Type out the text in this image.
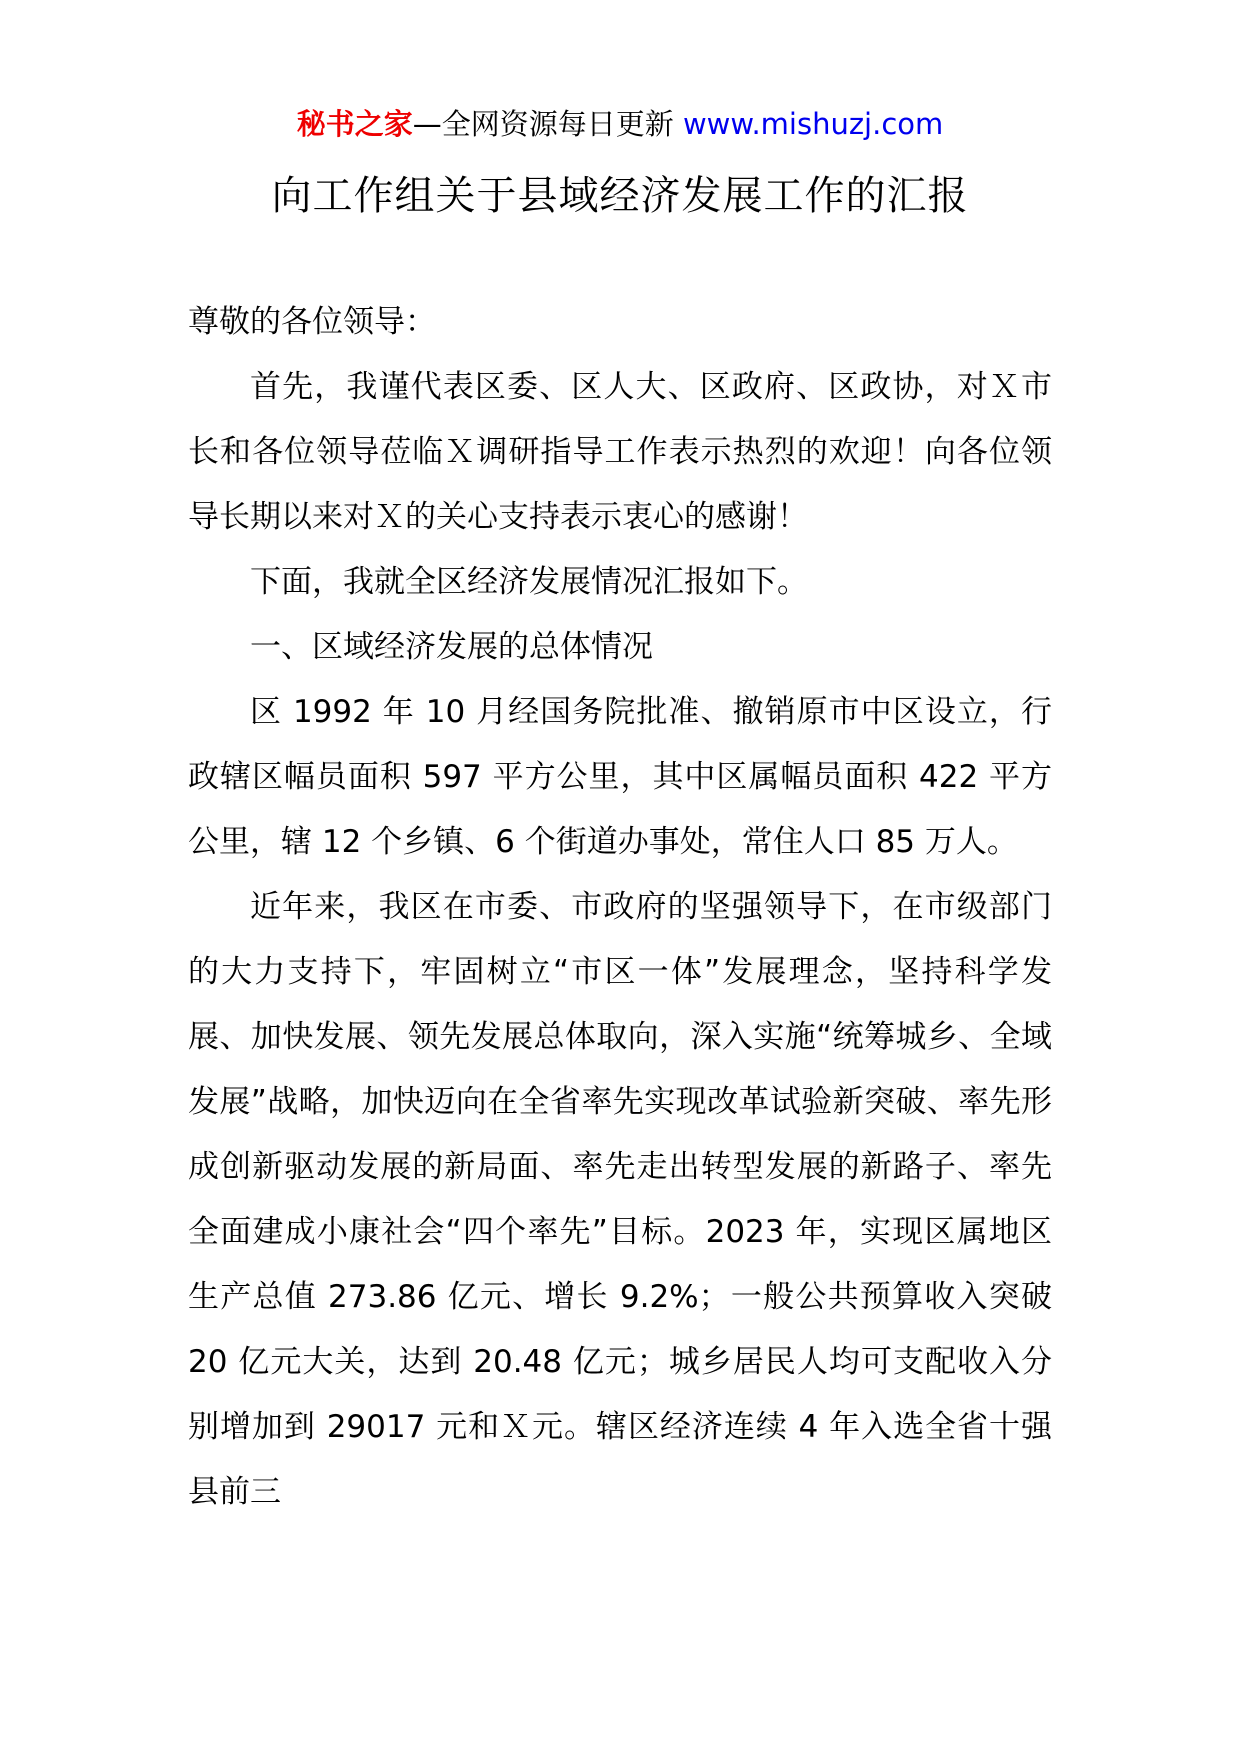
秘书之家—全网资源每日更新 www.mishuzj.com
向工作组关于县域经济发展工作的汇报

尊敬的各位领导：

首先，我谨代表区委、区人大、区政府、区政协，对Ｘ市长和各位领导莅临Ｘ调研指导工作表示热烈的欢迎！向各位领导长期以来对Ｘ的关心支持表示衷心的感谢！

下面，我就全区经济发展情况汇报如下。

一、区域经济发展的总体情况

区 1992 年 10 月经国务院批准、撤销原市中区设立，行政辖区幅员面积 597 平方公里，其中区属幅员面积 422 平方公里，辖 12 个乡镇、6 个街道办事处，常住人口 85 万人。

近年来，我区在市委、市政府的坚强领导下，在市级部门的大力支持下，牢固树立“市区一体”发展理念，坚持科学发展、加快发展、领先发展总体取向，深入实施“统筹城乡、全域发展”战略，加快迈向在全省率先实现改革试验新突破、率先形成创新驱动发展的新局面、率先走出转型发展的新路子、率先全面建成小康社会“四个率先”目标。2023 年，实现区属地区生产总值 273.86 亿元、增长 9.2%；一般公共预算收入突破 20 亿元大关，达到 20.48 亿元；城乡居民人均可支配收入分别增加到 29017 元和Ｘ元。辖区经济连续 4 年入选全省十强县前三
